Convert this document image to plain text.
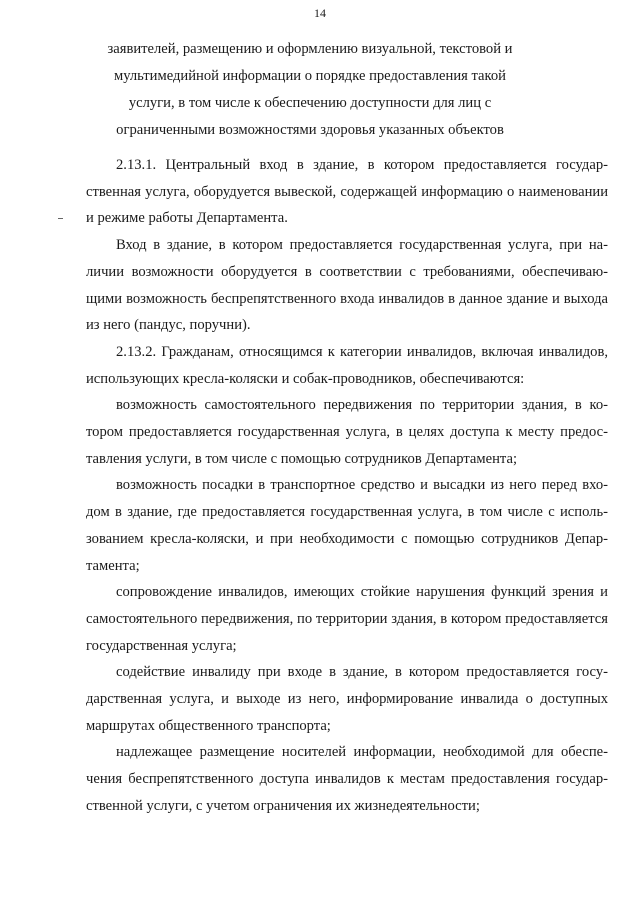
14
заявителей, размещению и оформлению визуальной, текстовой и мультимедийной информации о порядке предоставления такой услуги, в том числе к обеспечению доступности для лиц с ограниченными возможностями здоровья указанных объектов

2.13.1. Центральный вход в здание, в котором предоставляется государственная услуга, оборудуется вывеской, содержащей информацию о наименовании и режиме работы Департамента.

Вход в здание, в котором предоставляется государственная услуга, при наличии возможности оборудуется в соответствии с требованиями, обеспечивающими возможность беспрепятственного входа инвалидов в данное здание и выхода из него (пандус, поручни).

2.13.2. Гражданам, относящимся к категории инвалидов, включая инвалидов, использующих кресла-коляски и собак-проводников, обеспечиваются:

возможность самостоятельного передвижения по территории здания, в котором предоставляется государственная услуга, в целях доступа к месту предоставления услуги, в том числе с помощью сотрудников Департамента;

возможность посадки в транспортное средство и высадки из него перед входом в здание, где предоставляется государственная услуга, в том числе с использованием кресла-коляски, и при необходимости с помощью сотрудников Департамента;

сопровождение инвалидов, имеющих стойкие нарушения функций зрения и самостоятельного передвижения, по территории здания, в котором предоставляется государственная услуга;

содействие инвалиду при входе в здание, в котором предоставляется государственная услуга, и выходе из него, информирование инвалида о доступных маршрутах общественного транспорта;

надлежащее размещение носителей информации, необходимой для обеспечения беспрепятственного доступа инвалидов к местам предоставления государственной услуги, с учетом ограничения их жизнедеятельности;
